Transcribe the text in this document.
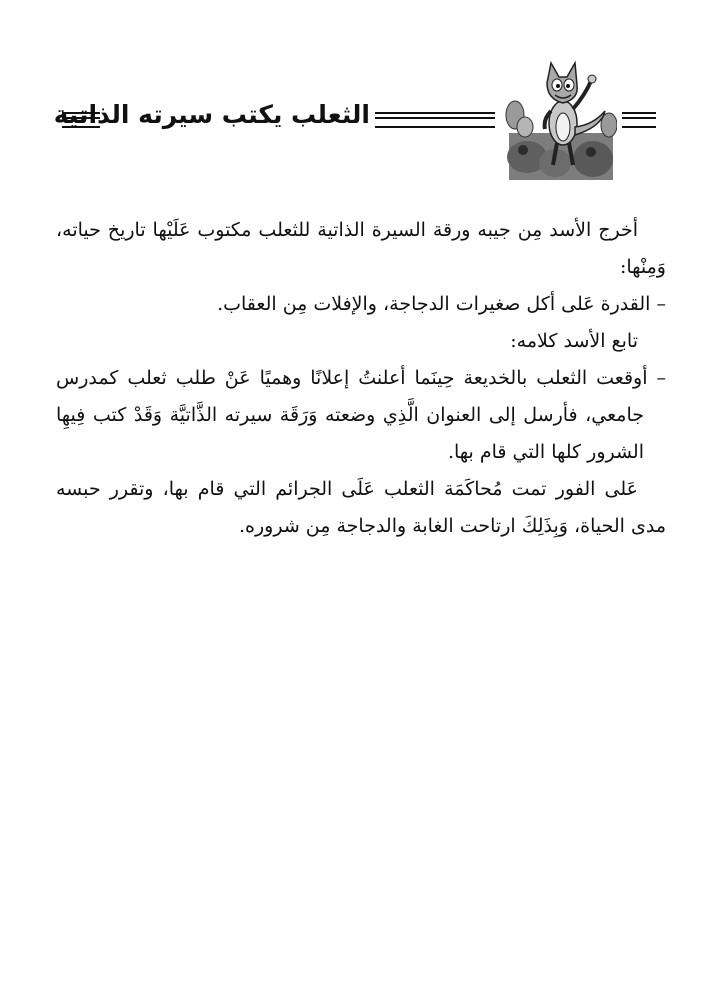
الثعلب يكتب سيرته الذاتية

أخرج الأسد مِن جيبه ورقة السيرة الذاتية للثعلب مكتوب عَلَيْها تاريخ حياته، وَمِنْها:

– القدرة عَلى أكل صغيرات الدجاجة، والإفلات مِن العقاب.

تابع الأسد كلامه:

– أوقعت الثعلب بالخديعة حِينَما أعلنتُ إعلانًا وهميًا عَنْ طلب ثعلب كمدرس جامعي، فأرسل إلى العنوان الَّذِي وضعته وَرَقَة سيرته الذَّاتيَّة وَقَدْ كتب فِيهِا الشرور كلها التي قام بها.

عَلى الفور تمت مُحاكَمَة الثعلب عَلَى الجرائم التي قام بها، وتقرر حبسه مدى الحياة، وَبِذَلِكَ ارتاحت الغابة والدجاجة مِن شروره.
